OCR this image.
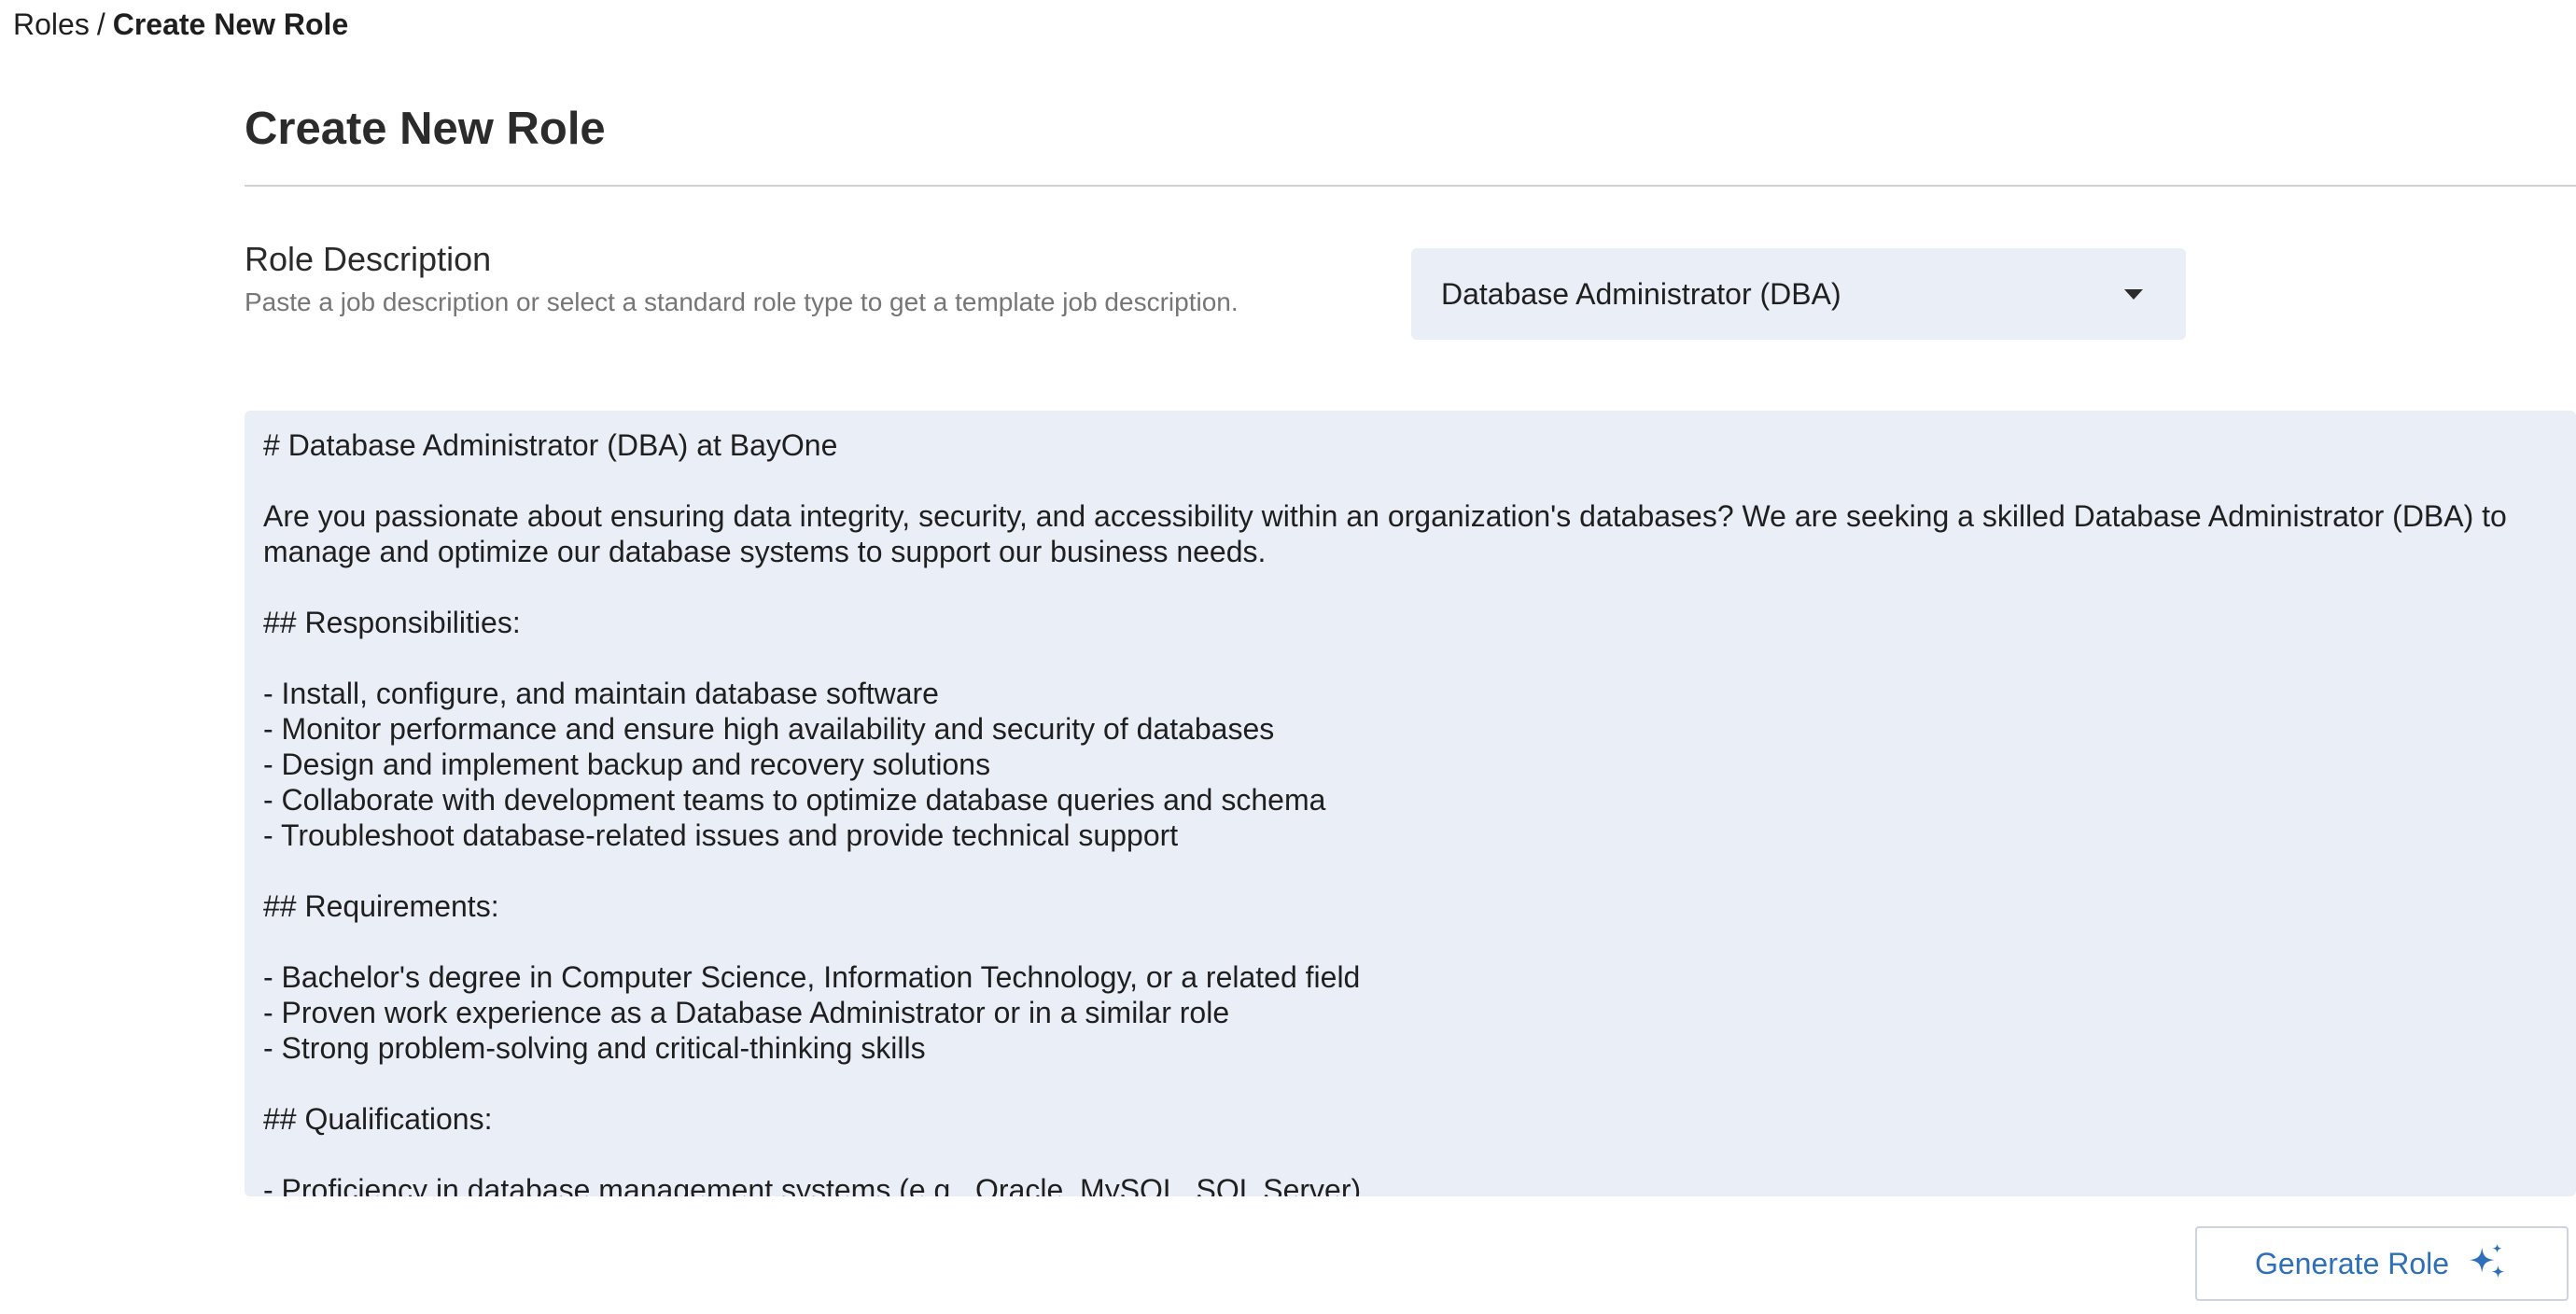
Roles / Create New Role
Create New Role
Role Description
Paste a job description or select a standard role type to get a template job description.	Database Administrator (DBA)
# Database Administrator (DBA) at BayOne Are you passionate about ensuring data integrity, security, and accessibility within an organization's databases? We are seeking a skilled Database Administrator (DBA) to manage and optimize our database systems to support our business needs. ## Responsibilities: - Install, configure, and maintain database software - Monitor performance and ensure high availability and security of databases - Design and implement backup and recovery solutions - Collaborate with development teams to optimize database queries and schema - Troubleshoot database-related issues and provide technical support ## Requirements: - Bachelor's degree in Computer Science, Information Technology, or a related field - Proven work experience as a Database Administrator or in a similar role - Strong problem-solving and critical-thinking skills ## Qualifications: - Proficiency in database management systems (e.g., Oracle, MySQL, SQL Server)
Generate Role
